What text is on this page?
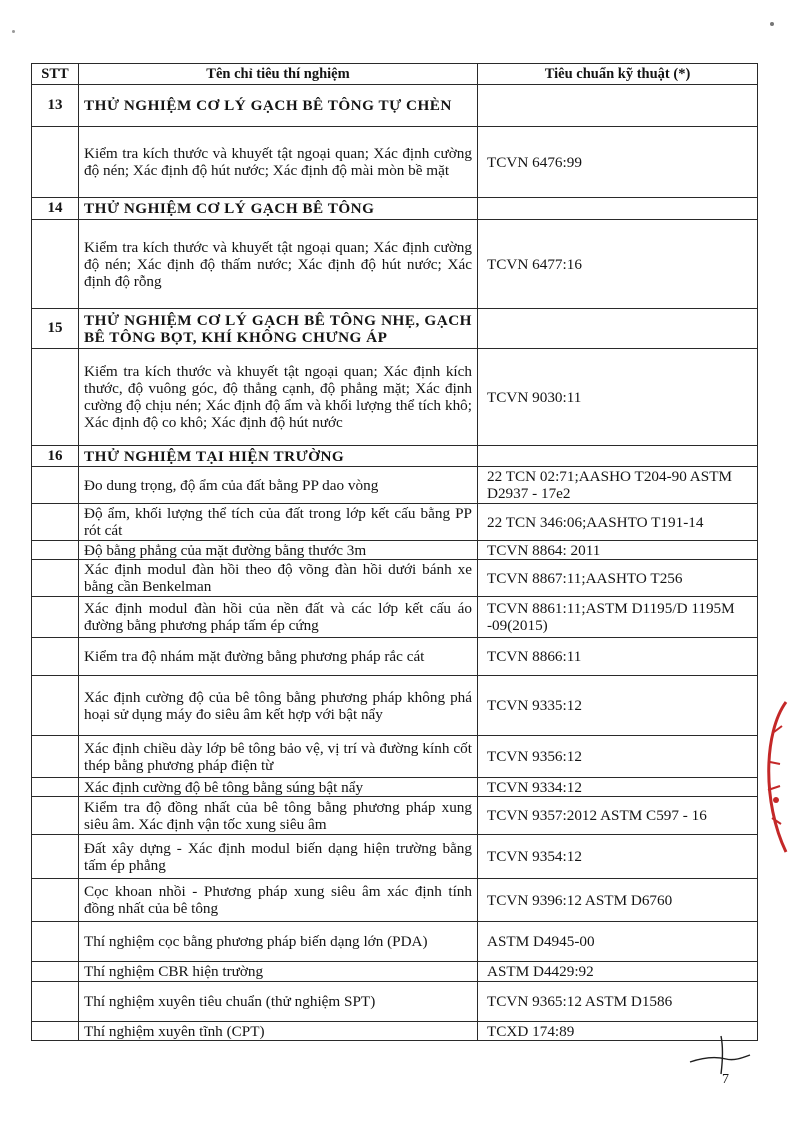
STT	Tên chỉ tiêu thí nghiệm	Tiêu chuẩn kỹ thuật (*)
13	THỬ NGHIỆM CƠ LÝ GẠCH BÊ TÔNG TỰ CHÈN	
	Kiểm tra kích thước và khuyết tật ngoại quan; Xác định cường độ nén; Xác định độ hút nước; Xác định độ mài mòn bề mặt	TCVN 6476:99
14	THỬ NGHIỆM CƠ LÝ GẠCH BÊ TÔNG	
	Kiểm tra kích thước và khuyết tật ngoại quan; Xác định cường độ nén; Xác định độ thấm nước; Xác định độ hút nước; Xác định độ rỗng	TCVN 6477:16
15	THỬ NGHIỆM CƠ LÝ GẠCH BÊ TÔNG NHẸ, GẠCH BÊ TÔNG BỌT, KHÍ KHÔNG CHƯNG ÁP	
	Kiểm tra kích thước và khuyết tật ngoại quan; Xác định kích thước, độ vuông góc, độ thẳng cạnh, độ phẳng mặt; Xác định cường độ chịu nén; Xác định độ ẩm và khối lượng thể tích khô; Xác định độ co khô; Xác định độ hút nước	TCVN 9030:11
16	THỬ NGHIỆM TẠI HIỆN TRƯỜNG	
	Đo dung trọng, độ ẩm của đất bằng PP dao vòng	22 TCN 02:71;AASHO T204-90 ASTM D2937 - 17e2
	Độ ẩm, khối lượng thể tích của đất trong lớp kết cấu bằng PP rót cát	22 TCN 346:06;AASHTO T191-14
	Độ bằng phẳng của mặt đường bằng thước 3m	TCVN 8864: 2011
	Xác định modul đàn hồi theo độ võng đàn hồi dưới bánh xe bằng cần Benkelman	TCVN 8867:11;AASHTO T256
	Xác định modul đàn hồi của nền đất và các lớp kết cấu áo đường bằng phương pháp tấm ép cứng	TCVN 8861:11;ASTM D1195/D 1195M -09(2015)
	Kiểm tra độ nhám mặt đường bằng phương pháp rắc cát	TCVN 8866:11
	Xác định cường độ của bê tông bằng phương pháp không phá hoại sử dụng máy đo siêu âm kết hợp với bật nẩy	TCVN 9335:12
	Xác định chiều dày lớp bê tông bảo vệ, vị trí và đường kính cốt thép bằng phương pháp điện từ	TCVN 9356:12
	Xác định cường độ bê tông bằng súng bật nẩy	TCVN 9334:12
	Kiểm tra độ đồng nhất của bê tông bằng phương pháp xung siêu âm. Xác định vận tốc xung siêu âm	TCVN 9357:2012 ASTM C597 - 16
	Đất xây dựng - Xác định modul biến dạng hiện trường bằng tấm ép phẳng	TCVN 9354:12
	Cọc khoan nhồi - Phương pháp xung siêu âm xác định tính đồng nhất của bê tông	TCVN 9396:12 ASTM D6760
	Thí nghiệm cọc bằng phương pháp biến dạng lớn (PDA)	ASTM D4945-00
	Thí nghiệm CBR hiện trường	ASTM D4429:92
	Thí nghiệm xuyên tiêu chuẩn (thử nghiệm SPT)	TCVN 9365:12 ASTM D1586
	Thí nghiệm xuyên tĩnh (CPT)	TCXD 174:89
7
